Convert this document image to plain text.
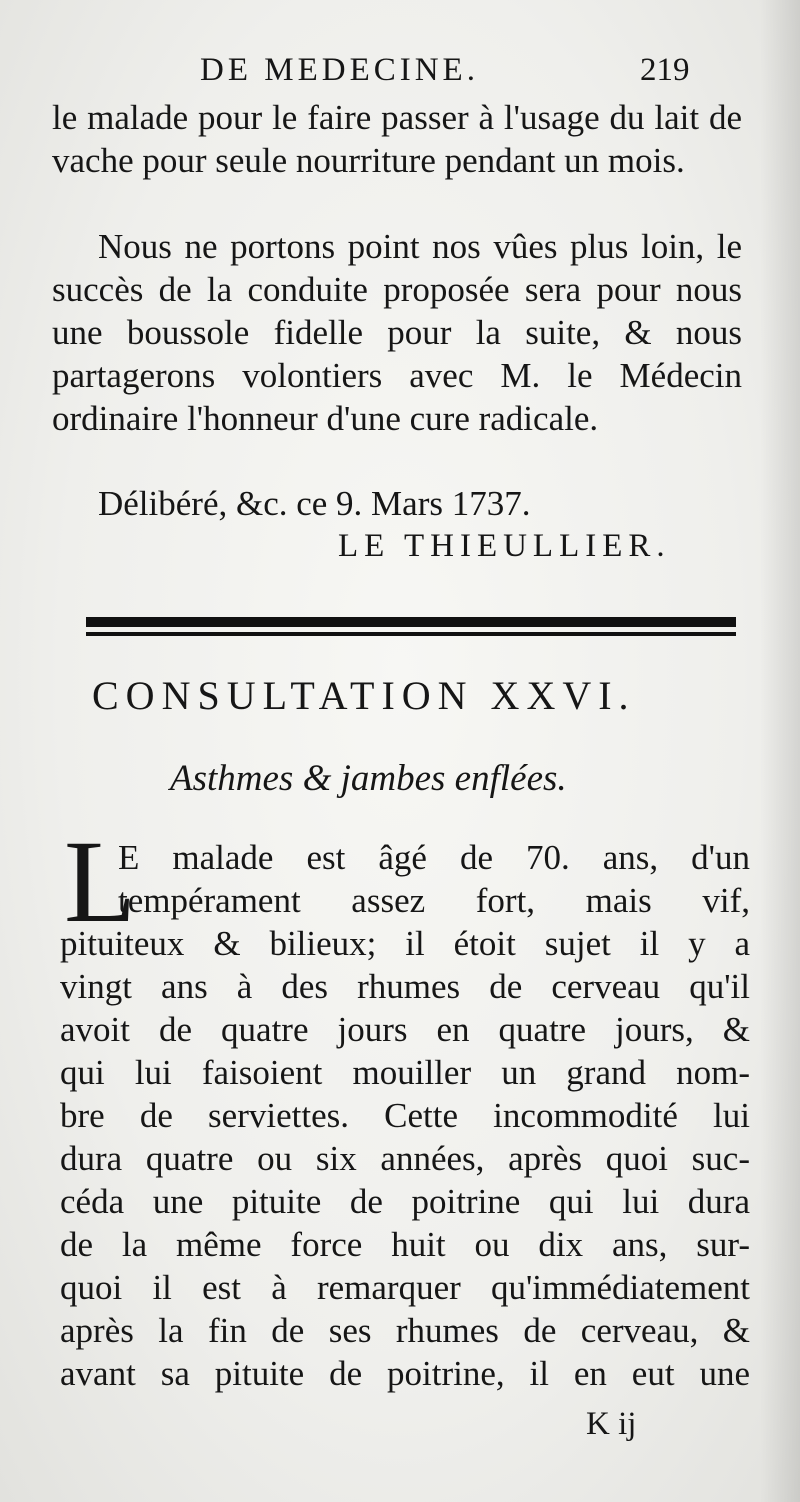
DE MEDECINE.	219

le malade pour le faire passer à l'usage du lait de vache pour seule nourriture pendant un mois.

Nous ne portons point nos vûes plus loin, le succès de la conduite proposée sera pour nous une boussole fidelle pour la suite, & nous partagerons volontiers avec M. le Médecin ordinaire l'honneur d'une cure radicale.

Délibéré, &c. ce 9. Mars 1737.
LE THIEULLIER.
CONSULTATION XXVI.
Asthmes & jambes enflées.
L
E malade est âgé de 70. ans, d'un
tempérament assez fort, mais vif,
pituiteux & bilieux; il étoit sujet il y a
vingt ans à des rhumes de cerveau qu'il
avoit de quatre jours en quatre jours, &
qui lui faisoient mouiller un grand nom-
bre de serviettes. Cette incommodité lui
dura quatre ou six années, après quoi suc-
céda une pituite de poitrine qui lui dura
de la même force huit ou dix ans, sur-
quoi il est à remarquer qu'immédiatement
après la fin de ses rhumes de cerveau, &
avant sa pituite de poitrine, il en eut une
K ij
